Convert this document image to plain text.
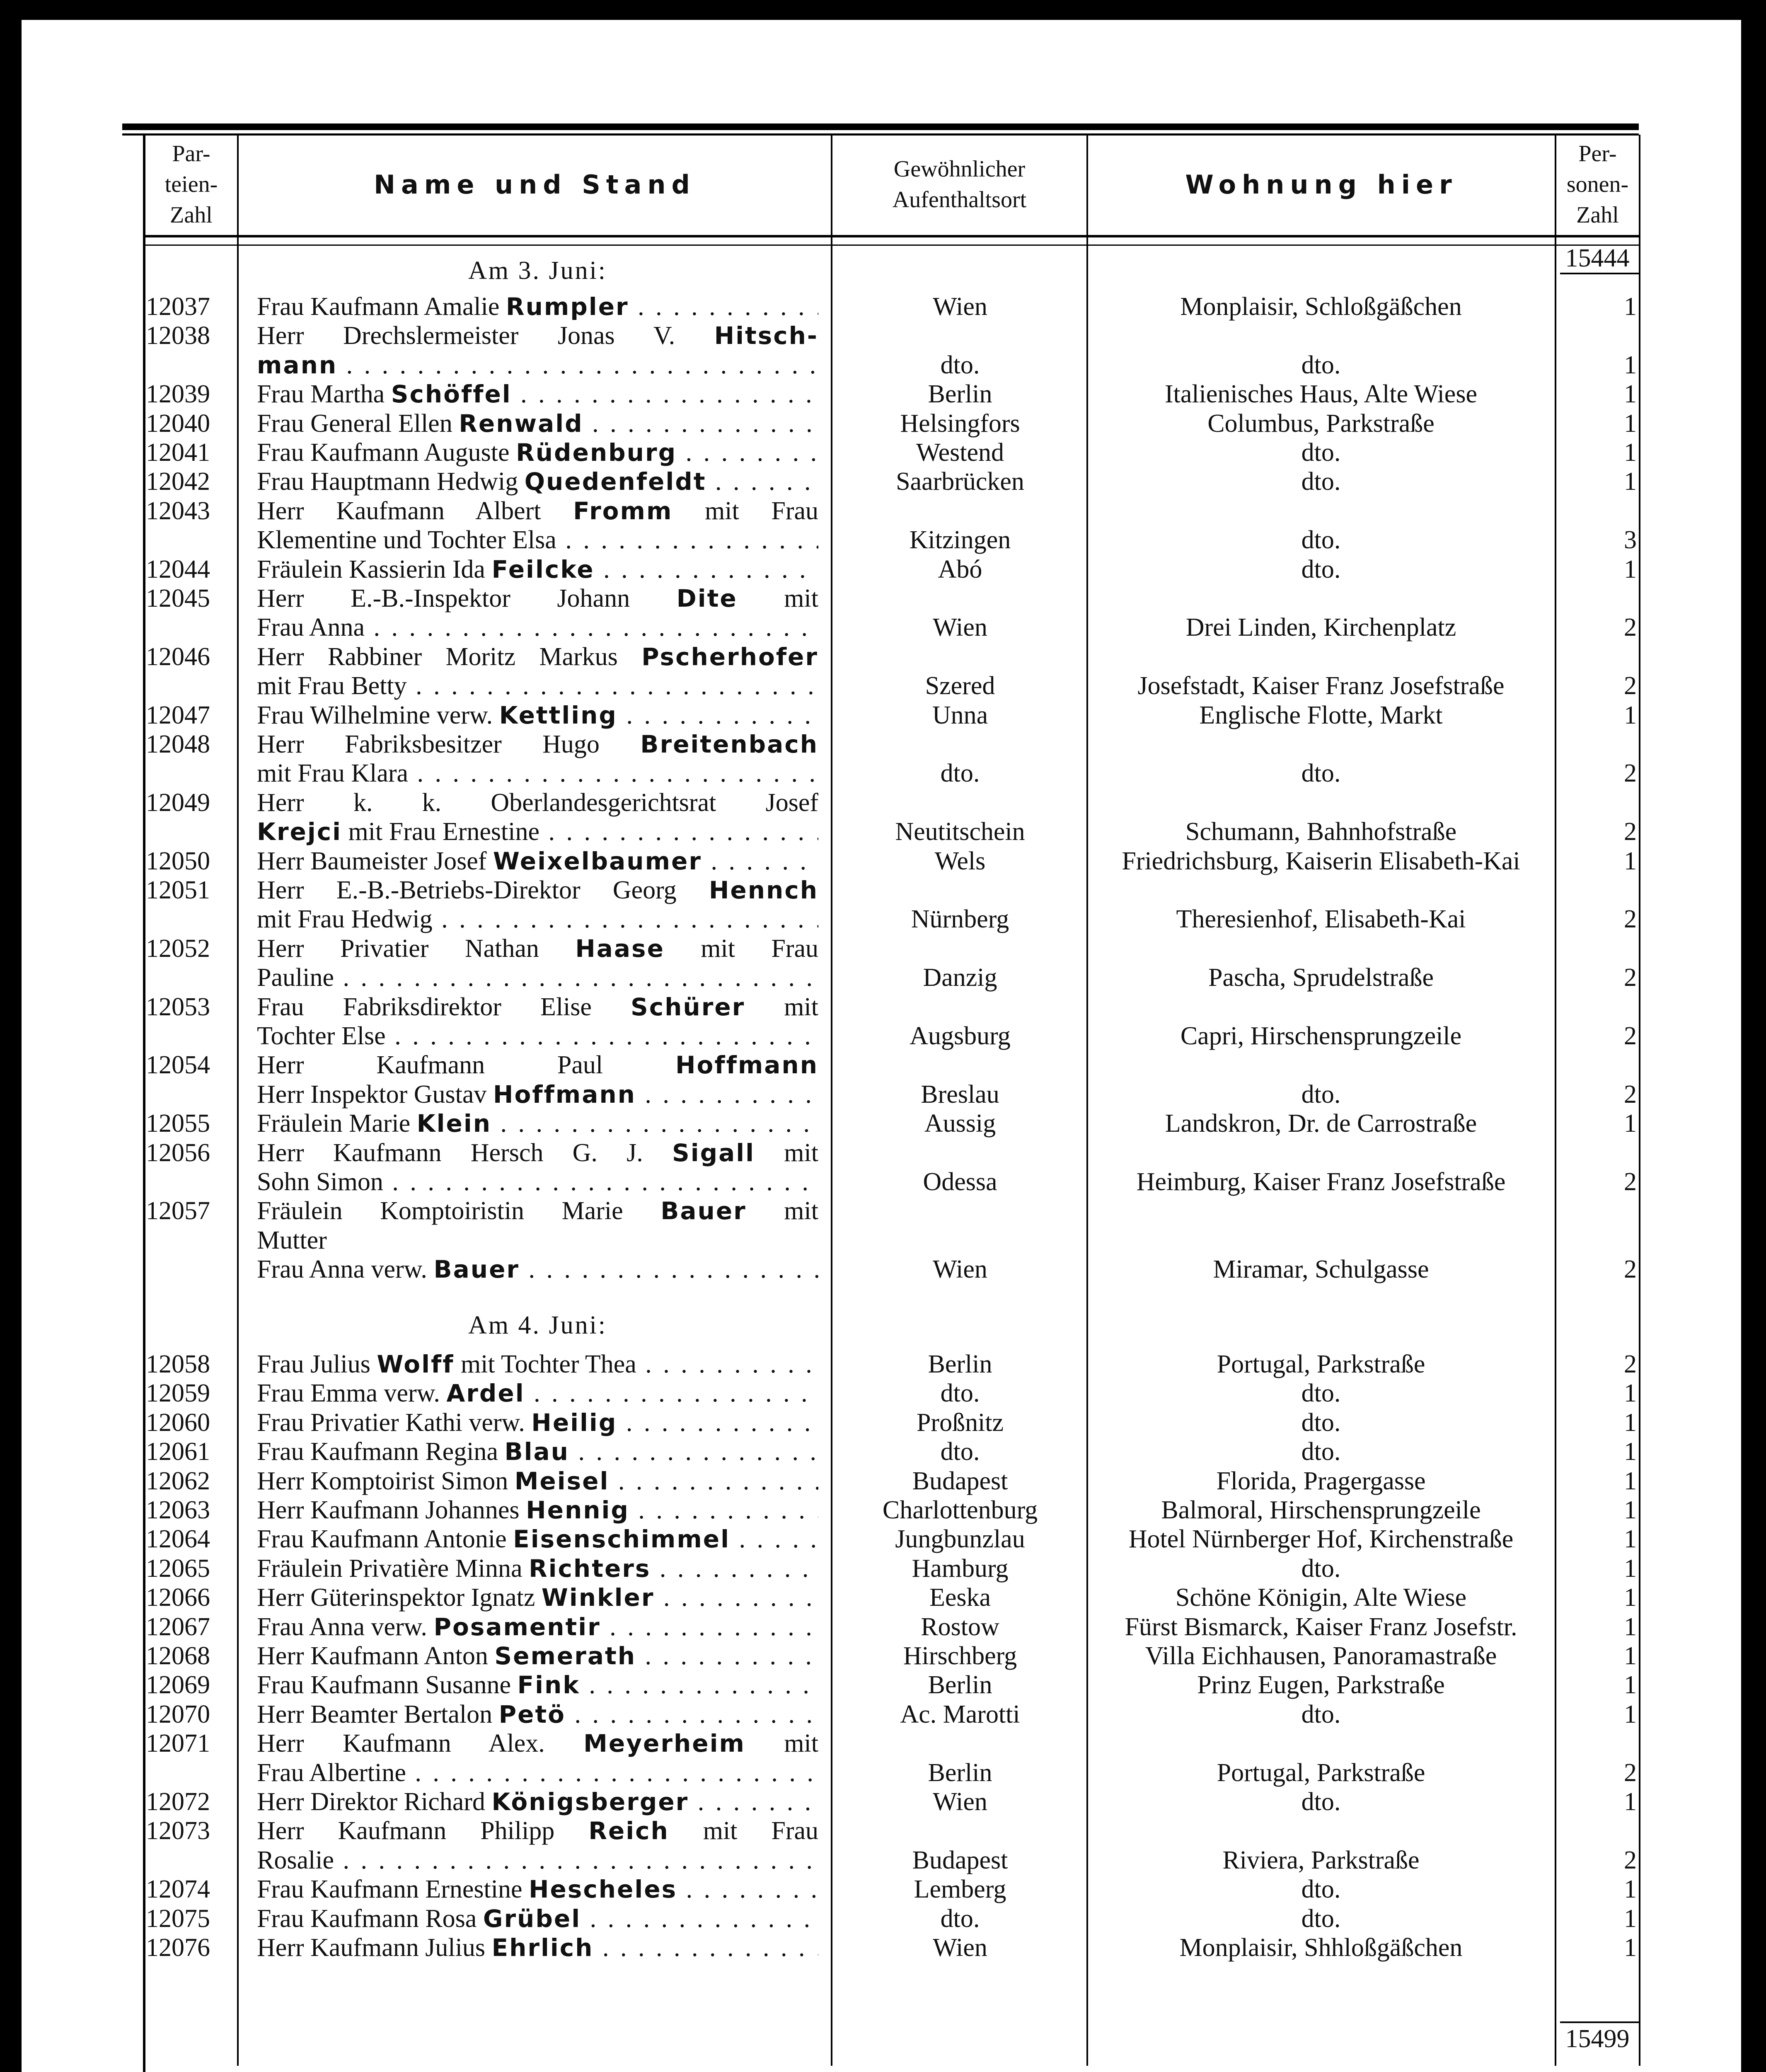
Par-
teien-
Zahl
Name und Stand
Gewöhnlicher
Aufenthaltsort
Wohnung hier
Per-
sonen-
Zahl
15444
15499
Am 3. Juni:
Am 4. Juni:
12037	Frau Kaufmann Amalie Rumpler . . .	Wien	Monplaisir, Schloßgäßchen	1
12038	Herr Drechslermeister Jonas V. Hitsch-
mann . . .	dto.	dto.	1
12039	Frau Martha Schöffel . . .	Berlin	Italienisches Haus, Alte Wiese	1
12040	Frau General Ellen Renwald . . .	Helsingfors	Columbus, Parkstraße	1
12041	Frau Kaufmann Auguste Rüdenburg . . .	Westend	dto.	1
12042	Frau Hauptmann Hedwig Quedenfeldt . . .	Saarbrücken	dto.	1
12043	Herr Kaufmann Albert Fromm mit Frau
Klementine und Tochter Elsa . . .	Kitzingen	dto.	3
12044	Fräulein Kassierin Ida Feilcke . . .	Abó	dto.	1
12045	Herr E.-B.-Inspektor Johann Dite mit
Frau Anna . . .	Wien	Drei Linden, Kirchenplatz	2
12046	Herr Rabbiner Moritz Markus Pscherhofer
mit Frau Betty . . .	Szered	Josefstadt, Kaiser Franz Josefstraße	2
12047	Frau Wilhelmine verw. Kettling . . .	Unna	Englische Flotte, Markt	1
12048	Herr Fabriksbesitzer Hugo Breitenbach
mit Frau Klara . . .	dto.	dto.	2
12049	Herr k. k. Oberlandesgerichtsrat Josef
Krejci mit Frau Ernestine . . .	Neutitschein	Schumann, Bahnhofstraße	2
12050	Herr Baumeister Josef Weixelbaumer . . .	Wels	Friedrichsburg, Kaiserin Elisabeth-Kai	1
12051	Herr E.-B.-Betriebs-Direktor Georg Hennch
mit Frau Hedwig . . .	Nürnberg	Theresienhof, Elisabeth-Kai	2
12052	Herr Privatier Nathan Haase mit Frau
Pauline . . .	Danzig	Pascha, Sprudelstraße	2
12053	Frau Fabriksdirektor Elise Schürer mit
Tochter Else . . .	Augsburg	Capri, Hirschensprungzeile	2
12054	Herr Kaufmann Paul Hoffmann
Herr Inspektor Gustav Hoffmann . . .	Breslau	dto.	2
12055	Fräulein Marie Klein . . .	Aussig	Landskron, Dr. de Carrostraße	1
12056	Herr Kaufmann Hersch G. J. Sigall mit
Sohn Simon . . .	Odessa	Heimburg, Kaiser Franz Josefstraße	2
12057	Fräulein Komptoiristin Marie Bauer mit
Mutter
Frau Anna verw. Bauer . . .	Wien	Miramar, Schulgasse	2
12058	Frau Julius Wolff mit Tochter Thea . . .	Berlin	Portugal, Parkstraße	2
12059	Frau Emma verw. Ardel . . .	dto.	dto.	1
12060	Frau Privatier Kathi verw. Heilig . . .	Proßnitz	dto.	1
12061	Frau Kaufmann Regina Blau . . .	dto.	dto.	1
12062	Herr Komptoirist Simon Meisel . . .	Budapest	Florida, Pragergasse	1
12063	Herr Kaufmann Johannes Hennig . . .	Charlottenburg	Balmoral, Hirschensprungzeile	1
12064	Frau Kaufmann Antonie Eisenschimmel . . .	Jungbunzlau	Hotel Nürnberger Hof, Kirchenstraße	1
12065	Fräulein Privatière Minna Richters . . .	Hamburg	dto.	1
12066	Herr Güterinspektor Ignatz Winkler . . .	Eeska	Schöne Königin, Alte Wiese	1
12067	Frau Anna verw. Posamentir . . .	Rostow	Fürst Bismarck, Kaiser Franz Josefstr.	1
12068	Herr Kaufmann Anton Semerath . . .	Hirschberg	Villa Eichhausen, Panoramastraße	1
12069	Frau Kaufmann Susanne Fink . . .	Berlin	Prinz Eugen, Parkstraße	1
12070	Herr Beamter Bertalon Petö . . .	Ac. Marotti	dto.	1
12071	Herr Kaufmann Alex. Meyerheim mit
Frau Albertine . . .	Berlin	Portugal, Parkstraße	2
12072	Herr Direktor Richard Königsberger . . .	Wien	dto.	1
12073	Herr Kaufmann Philipp Reich mit Frau
Rosalie . . .	Budapest	Riviera, Parkstraße	2
12074	Frau Kaufmann Ernestine Hescheles . . .	Lemberg	dto.	1
12075	Frau Kaufmann Rosa Grübel . . .	dto.	dto.	1
12076	Herr Kaufmann Julius Ehrlich . . .	Wien	Monplaisir, Shhloßgäßchen	1
